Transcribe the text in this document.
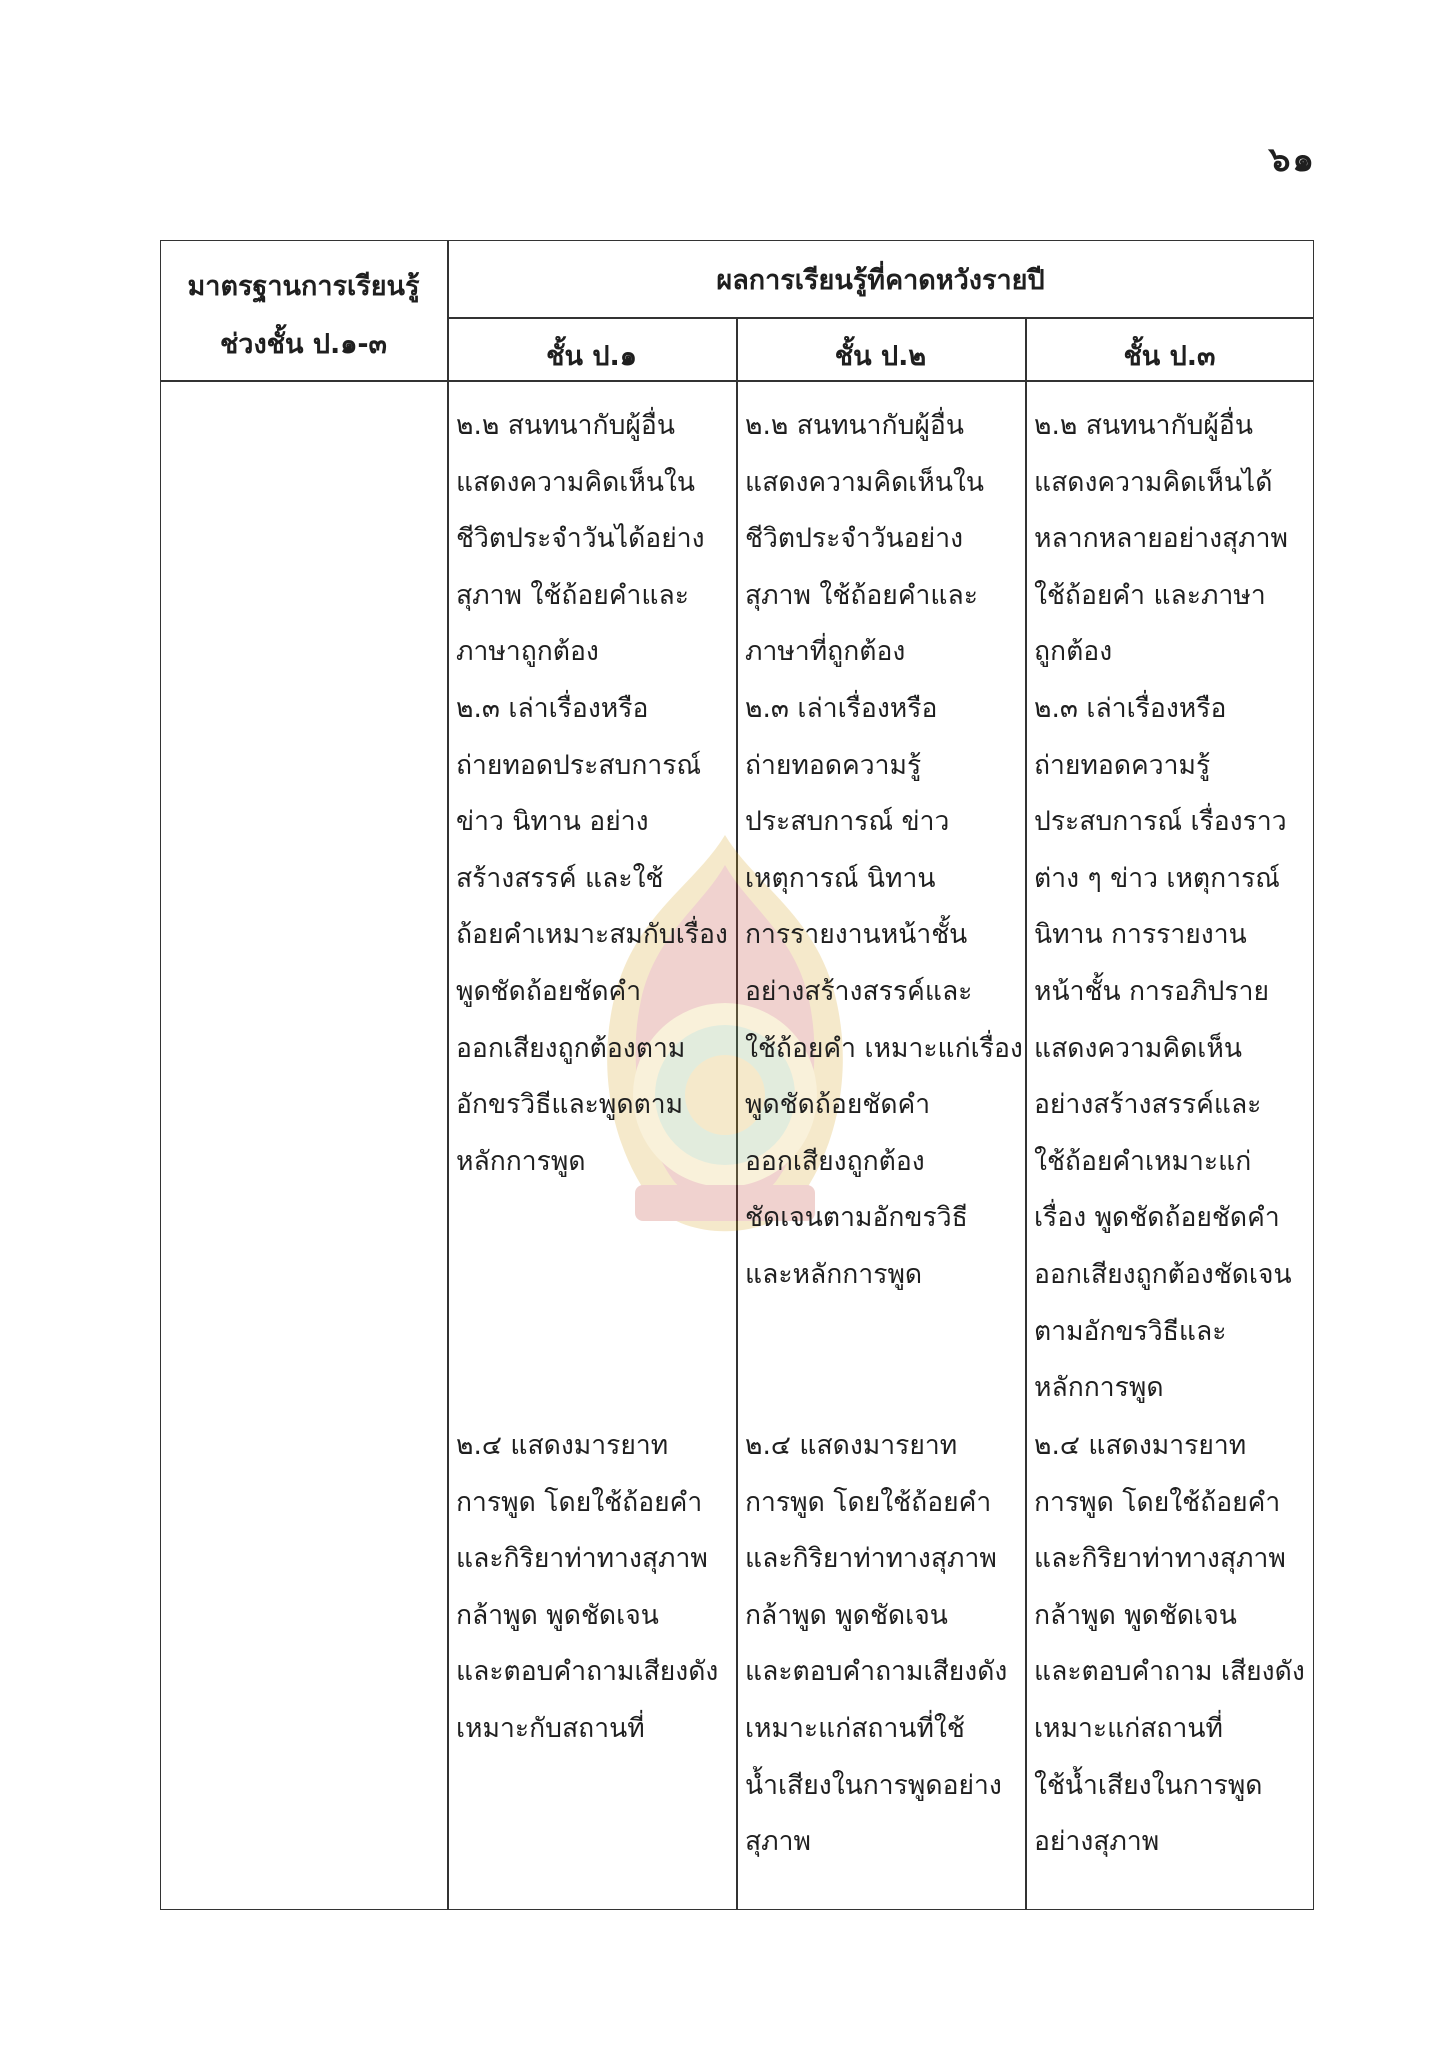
๖๑
มาตรฐานการเรียนรู้
ช่วงชั้น ป.๑-๓
ผลการเรียนรู้ที่คาดหวังรายปี
ชั้น ป.๑	ชั้น ป.๒	ชั้น ป.๓

๒.๒ สนทนากับผู้อื่น

แสดงความคิดเห็นใน

ชีวิตประจำวันได้อย่าง

สุภาพ ใช้ถ้อยคำและ

ภาษาถูกต้อง

๒.๓ เล่าเรื่องหรือ

ถ่ายทอดประสบการณ์

ข่าว นิทาน อย่าง

สร้างสรรค์ และใช้

ถ้อยคำเหมาะสมกับเรื่อง

พูดชัดถ้อยชัดคำ

ออกเสียงถูกต้องตาม

อักขรวิธีและพูดตาม

หลักการพูด

๒.๔ แสดงมารยาท

การพูด โดยใช้ถ้อยคำ

และกิริยาท่าทางสุภาพ

กล้าพูด พูดชัดเจน

และตอบคำถามเสียงดัง

เหมาะกับสถานที่

๒.๒ สนทนากับผู้อื่น

แสดงความคิดเห็นใน

ชีวิตประจำวันอย่าง

สุภาพ ใช้ถ้อยคำและ

ภาษาที่ถูกต้อง

๒.๓ เล่าเรื่องหรือ

ถ่ายทอดความรู้

ประสบการณ์ ข่าว

เหตุการณ์ นิทาน

การรายงานหน้าชั้น

อย่างสร้างสรรค์และ

ใช้ถ้อยคำ เหมาะแก่เรื่อง

พูดชัดถ้อยชัดคำ

ออกเสียงถูกต้อง

ชัดเจนตามอักขรวิธี

และหลักการพูด

๒.๔ แสดงมารยาท

การพูด โดยใช้ถ้อยคำ

และกิริยาท่าทางสุภาพ

กล้าพูด พูดชัดเจน

และตอบคำถามเสียงดัง

เหมาะแก่สถานที่ใช้

น้ำเสียงในการพูดอย่าง

สุภาพ

๒.๒ สนทนากับผู้อื่น

แสดงความคิดเห็นได้

หลากหลายอย่างสุภาพ

ใช้ถ้อยคำ และภาษา

ถูกต้อง

๒.๓ เล่าเรื่องหรือ

ถ่ายทอดความรู้

ประสบการณ์ เรื่องราว

ต่าง ๆ ข่าว เหตุการณ์

นิทาน การรายงาน

หน้าชั้น การอภิปราย

แสดงความคิดเห็น

อย่างสร้างสรรค์และ

ใช้ถ้อยคำเหมาะแก่

เรื่อง พูดชัดถ้อยชัดคำ

ออกเสียงถูกต้องชัดเจน

ตามอักขรวิธีและ

หลักการพูด

๒.๔ แสดงมารยาท

การพูด โดยใช้ถ้อยคำ

และกิริยาท่าทางสุภาพ

กล้าพูด พูดชัดเจน

และตอบคำถาม เสียงดัง

เหมาะแก่สถานที่

ใช้น้ำเสียงในการพูด

อย่างสุภาพ
